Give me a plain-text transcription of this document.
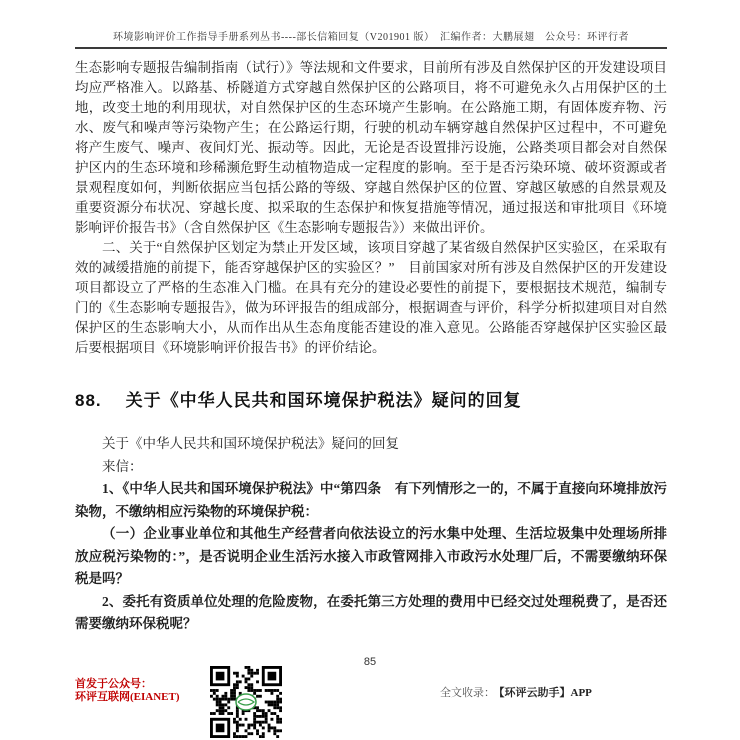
环境影响评价工作指导手册系列丛书----部长信箱回复（V201901 版）　汇编作者：大鹏展翅　公众号：环评行者

生态影响专题报告编制指南（试行）》等法规和文件要求，目前所有涉及自然保护区的开发建设项目均应严格准入。以路基、桥隧道方式穿越自然保护区的公路项目，将不可避免永久占用保护区的土地，改变土地的利用现状，对自然保护区的生态环境产生影响。在公路施工期，有固体废弃物、污水、废气和噪声等污染物产生；在公路运行期，行驶的机动车辆穿越自然保护区过程中，不可避免将产生废气、噪声、夜间灯光、振动等。因此，无论是否设置排污设施，公路类项目都会对自然保护区内的生态环境和珍稀濒危野生动植物造成一定程度的影响。至于是否污染环境、破坏资源或者景观程度如何，判断依据应当包括公路的等级、穿越自然保护区的位置、穿越区敏感的自然景观及重要资源分布状况、穿越长度、拟采取的生态保护和恢复措施等情况，通过报送和审批项目《环境影响评价报告书》（含自然保护区《生态影响专题报告》）来做出评价。

二、关于“自然保护区划定为禁止开发区域，该项目穿越了某省级自然保护区实验区，在采取有效的减缓措施的前提下，能否穿越保护区的实验区？”　目前国家对所有涉及自然保护区的开发建设项目都设立了严格的生态准入门槛。在具有充分的建设必要性的前提下，要根据技术规范，编制专门的《生态影响专题报告》，做为环评报告的组成部分，根据调查与评价，科学分析拟建项目对自然保护区的生态影响大小，从而作出从生态角度能否建设的准入意见。公路能否穿越保护区实验区最后要根据项目《环境影响评价报告书》的评价结论。

88. 关于《中华人民共和国环境保护税法》疑问的回复

关于《中华人民共和国环境保护税法》疑问的回复

来信：

1、《中华人民共和国环境保护税法》中“第四条　有下列情形之一的，不属于直接向环境排放污染物，不缴纳相应污染物的环境保护税：

（一）企业事业单位和其他生产经营者向依法设立的污水集中处理、生活垃圾集中处理场所排放应税污染物的：”，是否说明企业生活污水接入市政管网排入市政污水处理厂后，不需要缴纳环保税是吗？

2、委托有资质单位处理的危险废物，在委托第三方处理的费用中已经交过处理税费了，是否还需要缴纳环保税呢？

85
首发于公众号：
环评互联网(EIANET)	全文收录： 【环评云助手】APP
